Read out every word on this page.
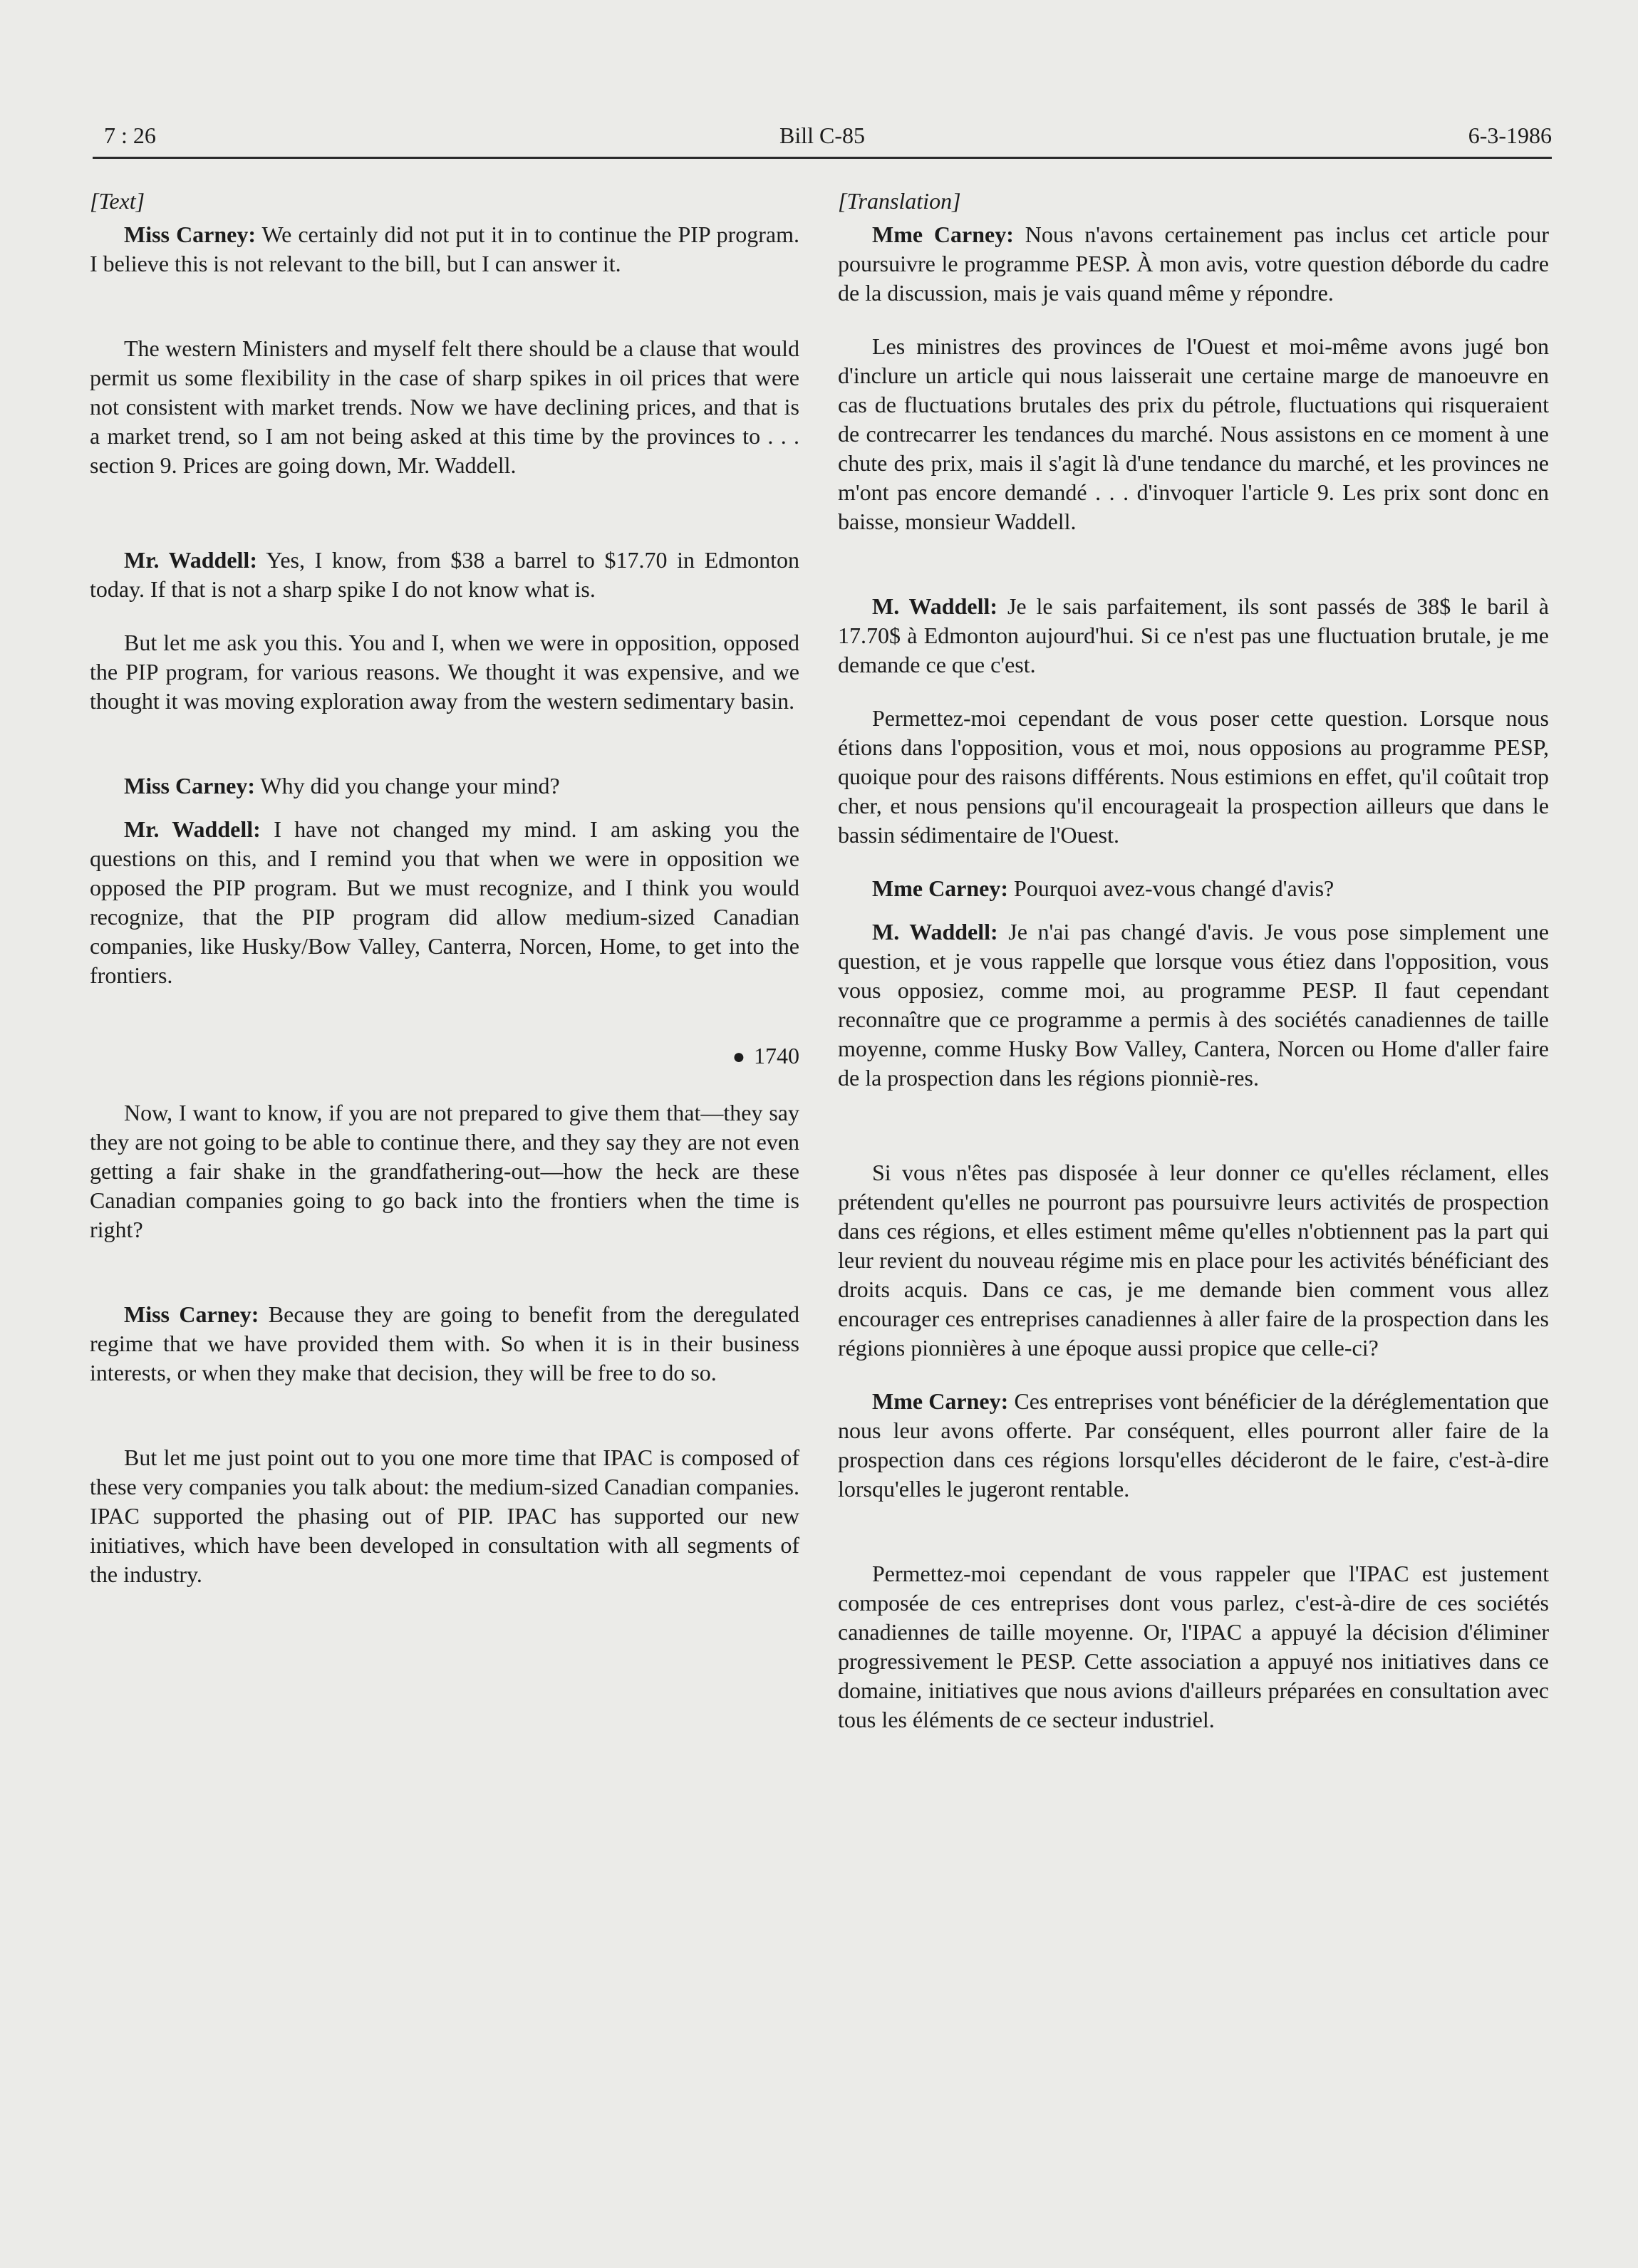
7 : 26	Bill C-85	6-3-1986

[Text]

Miss Carney: We certainly did not put it in to continue the PIP program. I believe this is not relevant to the bill, but I can answer it.

The western Ministers and myself felt there should be a clause that would permit us some flexibility in the case of sharp spikes in oil prices that were not consistent with market trends. Now we have declining prices, and that is a market trend, so I am not being asked at this time by the provinces to . . . section 9. Prices are going down, Mr. Waddell.

Mr. Waddell: Yes, I know, from $38 a barrel to $17.70 in Edmonton today. If that is not a sharp spike I do not know what is.

But let me ask you this. You and I, when we were in opposition, opposed the PIP program, for various reasons. We thought it was expensive, and we thought it was moving exploration away from the western sedimentary basin.

Miss Carney: Why did you change your mind?

Mr. Waddell: I have not changed my mind. I am asking you the questions on this, and I remind you that when we were in opposition we opposed the PIP program. But we must recognize, and I think you would recognize, that the PIP program did allow medium-sized Canadian companies, like Husky/Bow Valley, Canterra, Norcen, Home, to get into the frontiers.

● 1740

Now, I want to know, if you are not prepared to give them that—they say they are not going to be able to continue there, and they say they are not even getting a fair shake in the grandfathering-out—how the heck are these Canadian companies going to go back into the frontiers when the time is right?

Miss Carney: Because they are going to benefit from the deregulated regime that we have provided them with. So when it is in their business interests, or when they make that decision, they will be free to do so.

But let me just point out to you one more time that IPAC is composed of these very companies you talk about: the medium-sized Canadian companies. IPAC supported the phasing out of PIP. IPAC has supported our new initiatives, which have been developed in consultation with all segments of the industry.

[Translation]

Mme Carney: Nous n'avons certainement pas inclus cet article pour poursuivre le programme PESP. À mon avis, votre question déborde du cadre de la discussion, mais je vais quand même y répondre.

Les ministres des provinces de l'Ouest et moi-même avons jugé bon d'inclure un article qui nous laisserait une certaine marge de manoeuvre en cas de fluctuations brutales des prix du pétrole, fluctuations qui risqueraient de contrecarrer les tendances du marché. Nous assistons en ce moment à une chute des prix, mais il s'agit là d'une tendance du marché, et les provinces ne m'ont pas encore demandé . . . d'invoquer l'article 9. Les prix sont donc en baisse, monsieur Waddell.

M. Waddell: Je le sais parfaitement, ils sont passés de 38$ le baril à 17.70$ à Edmonton aujourd'hui. Si ce n'est pas une fluctuation brutale, je me demande ce que c'est.

Permettez-moi cependant de vous poser cette question. Lorsque nous étions dans l'opposition, vous et moi, nous opposions au programme PESP, quoique pour des raisons différents. Nous estimions en effet, qu'il coûtait trop cher, et nous pensions qu'il encourageait la prospection ailleurs que dans le bassin sédimentaire de l'Ouest.

Mme Carney: Pourquoi avez-vous changé d'avis?

M. Waddell: Je n'ai pas changé d'avis. Je vous pose simplement une question, et je vous rappelle que lorsque vous étiez dans l'opposition, vous vous opposiez, comme moi, au programme PESP. Il faut cependant reconnaître que ce programme a permis à des sociétés canadiennes de taille moyenne, comme Husky Bow Valley, Cantera, Norcen ou Home d'aller faire de la prospection dans les régions pionniè-res.

Si vous n'êtes pas disposée à leur donner ce qu'elles réclament, elles prétendent qu'elles ne pourront pas poursuivre leurs activités de prospection dans ces régions, et elles estiment même qu'elles n'obtiennent pas la part qui leur revient du nouveau régime mis en place pour les activités bénéficiant des droits acquis. Dans ce cas, je me demande bien comment vous allez encourager ces entreprises canadiennes à aller faire de la prospection dans les régions pionnières à une époque aussi propice que celle-ci?

Mme Carney: Ces entreprises vont bénéficier de la déréglementation que nous leur avons offerte. Par conséquent, elles pourront aller faire de la prospection dans ces régions lorsqu'elles décideront de le faire, c'est-à-dire lorsqu'elles le jugeront rentable.

Permettez-moi cependant de vous rappeler que l'IPAC est justement composée de ces entreprises dont vous parlez, c'est-à-dire de ces sociétés canadiennes de taille moyenne. Or, l'IPAC a appuyé la décision d'éliminer progressivement le PESP. Cette association a appuyé nos initiatives dans ce domaine, initiatives que nous avions d'ailleurs préparées en consultation avec tous les éléments de ce secteur industriel.
